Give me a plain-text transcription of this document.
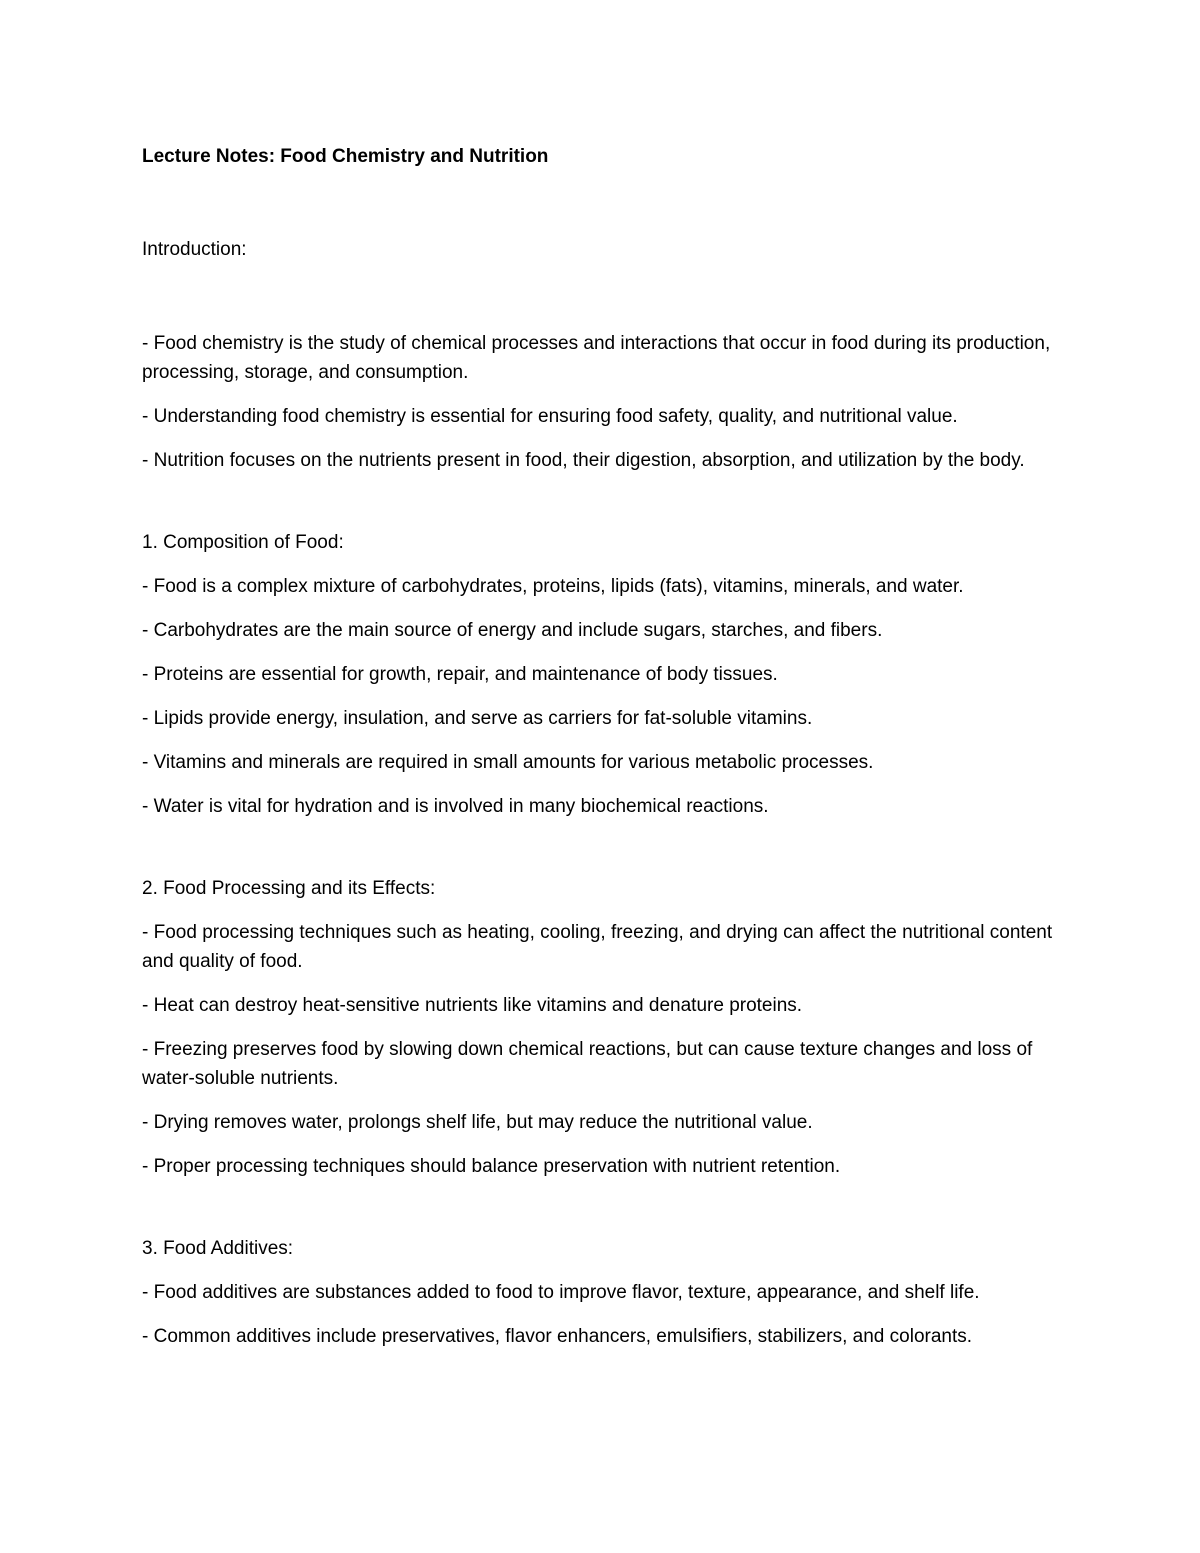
Lecture Notes: Food Chemistry and Nutrition

Introduction:

- Food chemistry is the study of chemical processes and interactions that occur in food during its production, processing, storage, and consumption.

- Understanding food chemistry is essential for ensuring food safety, quality, and nutritional value.

- Nutrition focuses on the nutrients present in food, their digestion, absorption, and utilization by the body.

1. Composition of Food:

- Food is a complex mixture of carbohydrates, proteins, lipids (fats), vitamins, minerals, and water.

- Carbohydrates are the main source of energy and include sugars, starches, and fibers.

- Proteins are essential for growth, repair, and maintenance of body tissues.

- Lipids provide energy, insulation, and serve as carriers for fat-soluble vitamins.

- Vitamins and minerals are required in small amounts for various metabolic processes.

- Water is vital for hydration and is involved in many biochemical reactions.

2. Food Processing and its Effects:

- Food processing techniques such as heating, cooling, freezing, and drying can affect the nutritional content and quality of food.

- Heat can destroy heat-sensitive nutrients like vitamins and denature proteins.

- Freezing preserves food by slowing down chemical reactions, but can cause texture changes and loss of water-soluble nutrients.

- Drying removes water, prolongs shelf life, but may reduce the nutritional value.

- Proper processing techniques should balance preservation with nutrient retention.

3. Food Additives:

- Food additives are substances added to food to improve flavor, texture, appearance, and shelf life.

- Common additives include preservatives, flavor enhancers, emulsifiers, stabilizers, and colorants.
